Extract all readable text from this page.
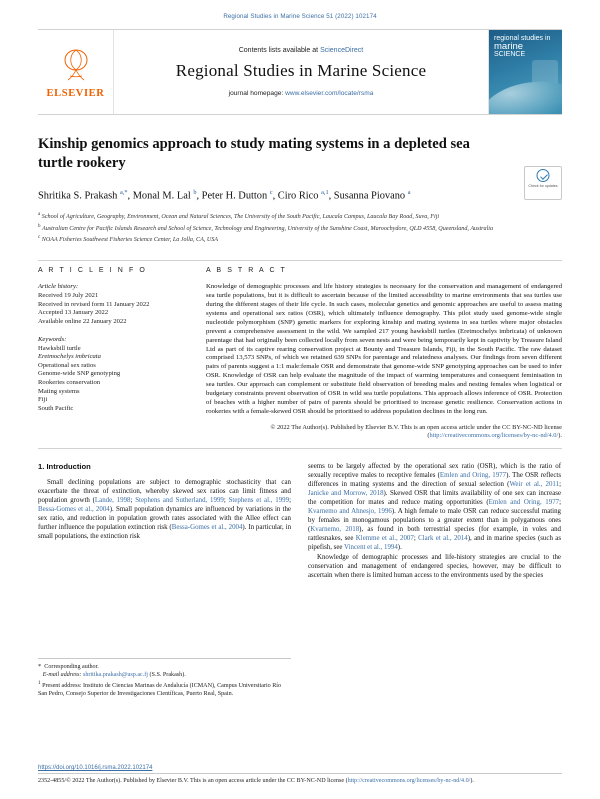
Regional Studies in Marine Science 51 (2022) 102174
ELSEVIER
Contents lists available at ScienceDirect
Regional Studies in Marine Science
journal homepage: www.elsevier.com/locate/rsma
regional studies in
marine
SCIENCE
Kinship genomics approach to study mating systems in a depleted sea turtle rookery
Shritika S. Prakash $^{a,*}$, Monal M. Lal $^b$, Peter H. Dutton $^c$, Ciro Rico $^{a,1}$, Susanna Piovano $^a$

$^a$ School of Agriculture, Geography, Environment, Ocean and Natural Sciences, The University of the South Pacific, Laucala Campus, Laucala Bay Road, Suva, Fiji

$^b$ Australian Centre for Pacific Islands Research and School of Science, Technology and Engineering, University of the Sunshine Coast, Maroochydore, QLD 4558, Queensland, Australia

$^c$ NOAA Fisheries Southwest Fisheries Science Center, La Jolla, CA, USA

Check for updates
A R T I C L E I N F O

Article history:

Received 19 July 2021

Received in revised form 11 January 2022

Accepted 13 January 2022

Available online 22 January 2022

Keywords:

Hawksbill turtle

Eretmochelys imbricata

Operational sex ratios

Genome-wide SNP genotyping

Rookeries conservation

Mating systems

Fiji

South Pacific

A B S T R A C T
Knowledge of demographic processes and life history strategies is necessary for the conservation and management of endangered sea turtle populations, but it is difficult to ascertain because of the limited accessibility to marine environments that sea turtles use during the different stages of their life cycle. In such cases, molecular genetics and genomic approaches are useful to assess mating systems and operational sex ratios (OSR), which ultimately influence demography. This pilot study used genome-wide single nucleotide polymorphism (SNP) genetic markers for exploring kinship and mating systems in sea turtles where major obstacles prevent a comprehensive assessment in the wild. We sampled 217 young hawksbill turtles (Eretmochelys imbricata) of unknown parentage that had originally been collected locally from seven nests and were being temporarily kept in captivity by Treasure Island Ltd as part of its captive rearing conservation project at Bounty and Treasure Islands, Fiji, in the South Pacific. The raw dataset comprised 13,573 SNPs, of which we retained 639 SNPs for parentage and relatedness analyses. Our findings from seven different pairs of parents suggest a 1:1 male:female OSR and demonstrate that genome-wide SNP genotyping approaches can be used to infer OSR. Knowledge of OSR can help evaluate the magnitude of the impact of warming temperatures and consequent feminisation in sea turtles. Our approach can complement or substitute field observation of breeding males and nesting females when logistical or budgetary constraints prevent observation of OSR in wild sea turtle populations. This approach allows inference of OSR. Protection of beaches with a higher number of pairs of parents should be prioritised to increase genetic resilience. Conservation actions in rookeries with a female-skewed OSR should be prioritised to address population declines in the long run.
© 2022 The Author(s). Published by Elsevier B.V. This is an open access article under the CC BY-NC-ND license (http://creativecommons.org/licenses/by-nc-nd/4.0/).
1. Introduction

Small declining populations are subject to demographic stochasticity that can exacerbate the threat of extinction, whereby skewed sex ratios can limit fitness and population growth (Lande, 1998; Stephens and Sutherland, 1999; Stephens et al., 1999; Bessa-Gomes et al., 2004). Small population dynamics are influenced by variations in the sex ratio, and reduction in population growth rates associated with the Allee effect can further influence the population extinction risk (Bessa-Gomes et al., 2004). In particular, in small populations, the extinction risk

* Corresponding author.

E-mail address: shritika.prakash@usp.ac.fj (S.S. Prakash).

$^1$ Present address: Instituto de Ciencias Marinas de Andalucía (ICMAN), Campus Universitario Río San Pedro, Consejo Superior de Investigaciones Científicas, Puerto Real, Spain.

seems to be largely affected by the operational sex ratio (OSR), which is the ratio of sexually receptive males to receptive females (Emlen and Oring, 1977). The OSR reflects differences in mating systems and the direction of sexual selection (Weir et al., 2011; Janicke and Morrow, 2018). Skewed OSR that limits availability of one sex can increase the competition for mates and reduce mating opportunities (Emlen and Oring, 1977; Kvarnemo and Ahnesjo, 1996). A high female to male OSR can reduce successful mating by females in monogamous populations to a greater extent than in polygamous ones (Kvarnemo, 2018), as found in both terrestrial species (for example, in voles and rattlesnakes, see Klemme et al., 2007; Clark et al., 2014), and in marine species (such as pipefish, see Vincent et al., 1994).

Knowledge of demographic processes and life-history strategies are crucial to the conservation and management of endangered species, however, may be difficult to ascertain when there is limited human access to the environments used by the species

https://doi.org/10.1016/j.rsma.2022.102174
2352-4855/© 2022 The Author(s). Published by Elsevier B.V. This is an open access article under the CC BY-NC-ND license (http://creativecommons.org/licenses/by-nc-nd/4.0/).
